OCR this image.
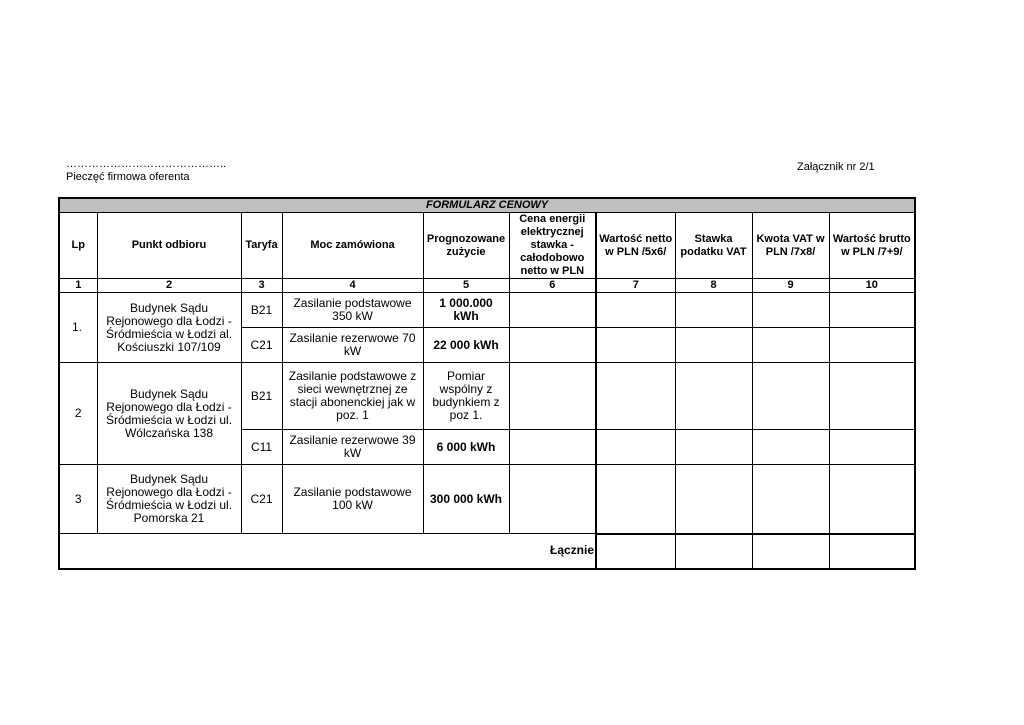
……………………………………..
Pieczęć firmowa oferenta
Załącznik nr 2/1
FORMULARZ CENOWY									
Lp	Punkt odbioru	Taryfa	Moc zamówiona	Prognozowane zużycie	Cena energii elektrycznej stawka - całodobowo netto w PLN	Wartość netto w PLN /5x6/	Stawka podatku VAT	Kwota VAT w PLN /7x8/	Wartość brutto w PLN /7+9/
1	2	3	4	5	6	7	8	9	10
1.	Budynek Sądu Rejonowego dla Łodzi - Śródmieścia w Łodzi al. Kościuszki 107/109	B21	Zasilanie podstawowe 350 kW	1 000.000 kWh					
		C21	Zasilanie rezerwowe 70 kW	22 000 kWh					
2	Budynek Sądu Rejonowego dla Łodzi - Śródmieścia w Łodzi ul. Wólczańska 138	B21	Zasilanie podstawowe z sieci wewnętrznej ze stacji abonenckiej jak w poz. 1	Pomiar wspólny z budynkiem z poz 1.					
		C11	Zasilanie rezerwowe 39 kW	6 000 kWh					
3	Budynek Sądu Rejonowego dla Łodzi - Śródmieścia w Łodzi ul. Pomorska 21	C21	Zasilanie podstawowe 100 kW	300 000 kWh					
Łącznie									
